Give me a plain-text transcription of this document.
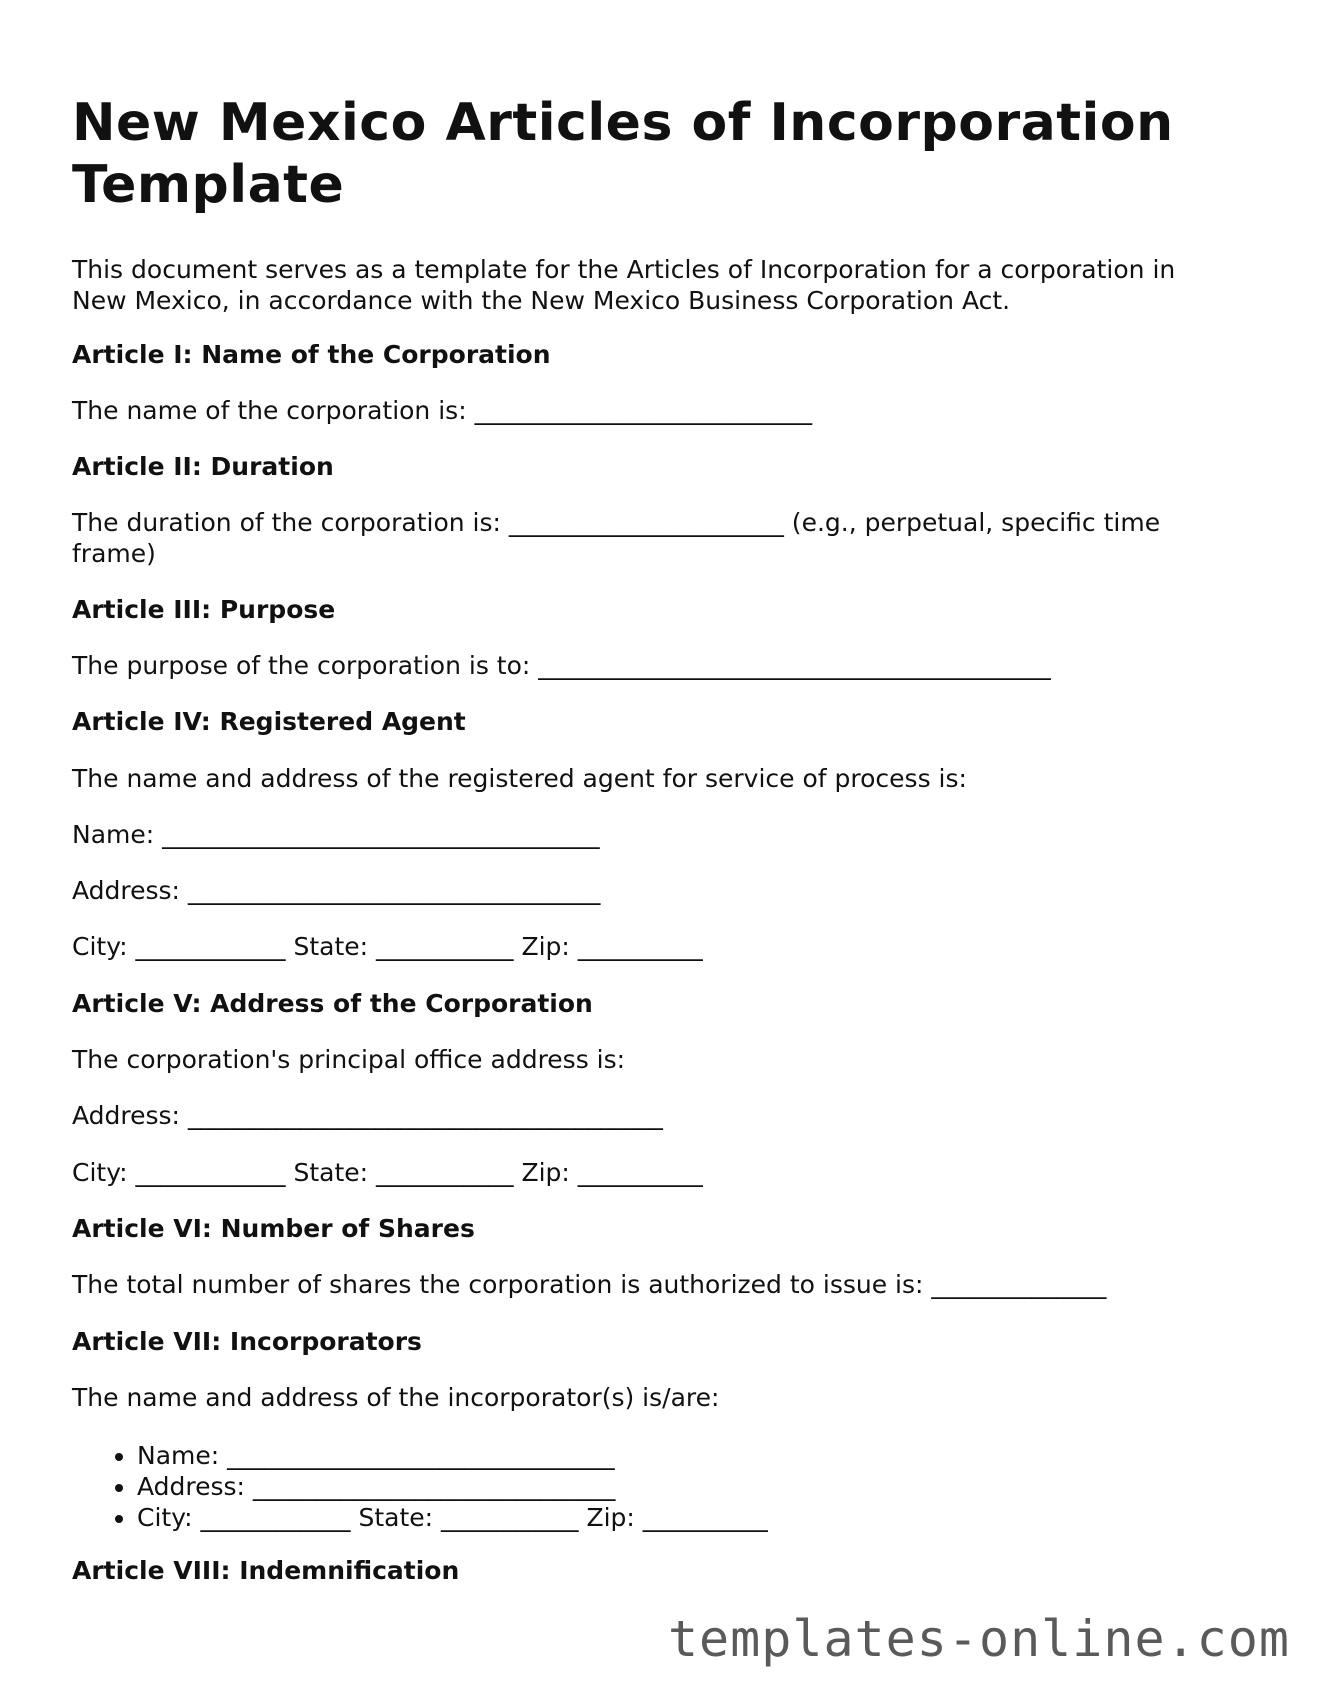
New Mexico Articles of Incorporation Template
This document serves as a template for the Articles of Incorporation for a corporation in New Mexico, in accordance with the New Mexico Business Corporation Act.
Article I: Name of the Corporation
The name of the corporation is: ___________________________
Article II: Duration
The duration of the corporation is: ______________________ (e.g., perpetual, specific time frame)
Article III: Purpose
The purpose of the corporation is to: _________________________________________
Article IV: Registered Agent
The name and address of the registered agent for service of process is:
Name: ___________________________________
Address: _________________________________
City: ____________ State: ___________ Zip: __________
Article V: Address of the Corporation
The corporation's principal office address is:
Address: ______________________________________
City: ____________ State: ___________ Zip: __________
Article VI: Number of Shares
The total number of shares the corporation is authorized to issue is: ______________
Article VII: Incorporators
The name and address of the incorporator(s) is/are:
• Name: _______________________________
• Address: _____________________________
• City: ____________ State: ___________ Zip: __________
Article VIII: Indemnification
templates-online.com
